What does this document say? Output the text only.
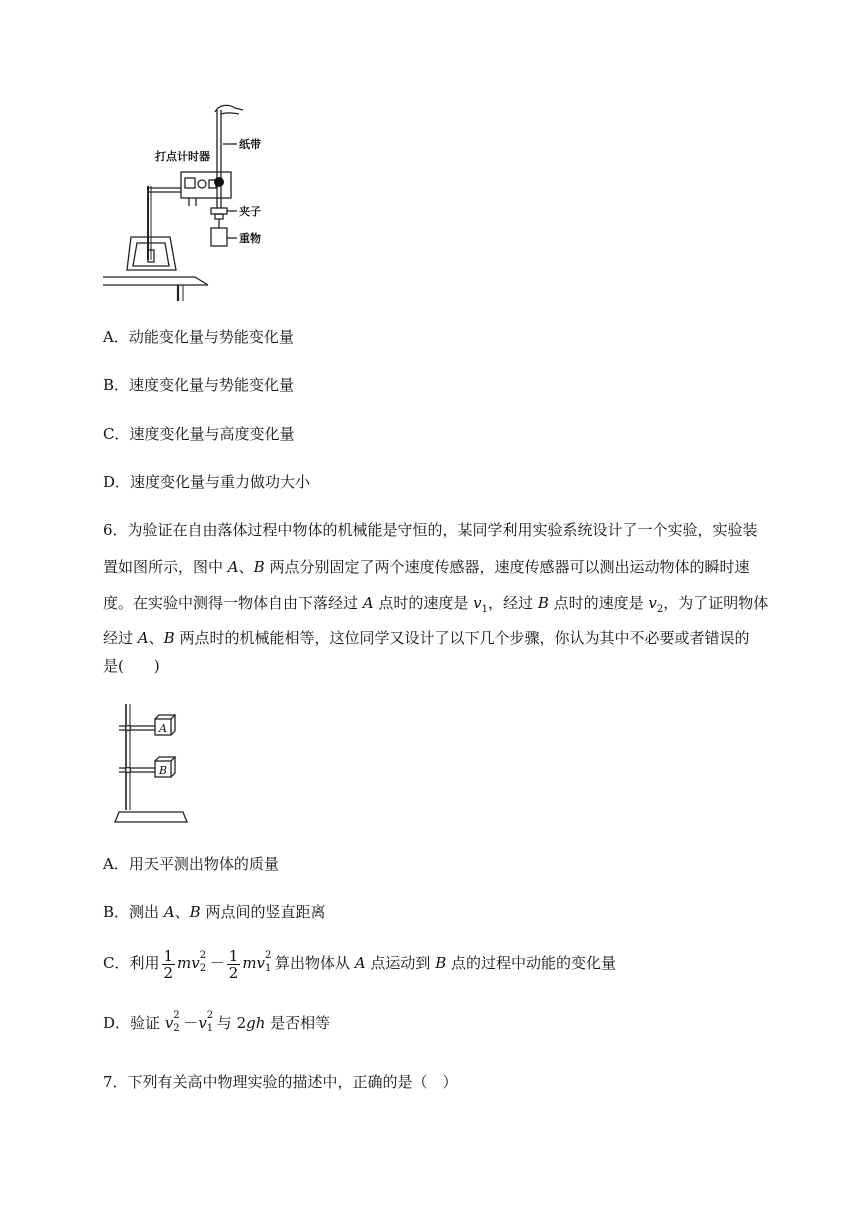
打点计时器
纸带
夹子
重物
A．动能变化量与势能变化量
B．速度变化量与势能变化量
C．速度变化量与高度变化量
D．速度变化量与重力做功大小
6．为验证在自由落体过程中物体的机械能是守恒的，某同学利用实验系统设计了一个实验，实验装
置如图所示，图中 A、B 两点分别固定了两个速度传感器，速度传感器可以测出运动物体的瞬时速
度。在实验中测得一物体自由下落经过 A 点时的速度是 $v_1$，经过 B 点时的速度是 $v_2$，为了证明物体
经过 A、B 两点时的机械能相等，这位同学又设计了以下几个步骤，你认为其中不必要或者错误的
是(　　)
A
B
A．用天平测出物体的质量
B．测出 A、B 两点间的竖直距离
C．利用 $\frac{1}{2}$ mv 2
$2 - \frac{1}{2}$ mv 2
1 算出物体从 A 点运动到 B 点的过程中动能的变化量
D．验证 v 2
2 －v 2
1 与 2gh 是否相等
7．下列有关高中物理实验的描述中，正确的是（　）
